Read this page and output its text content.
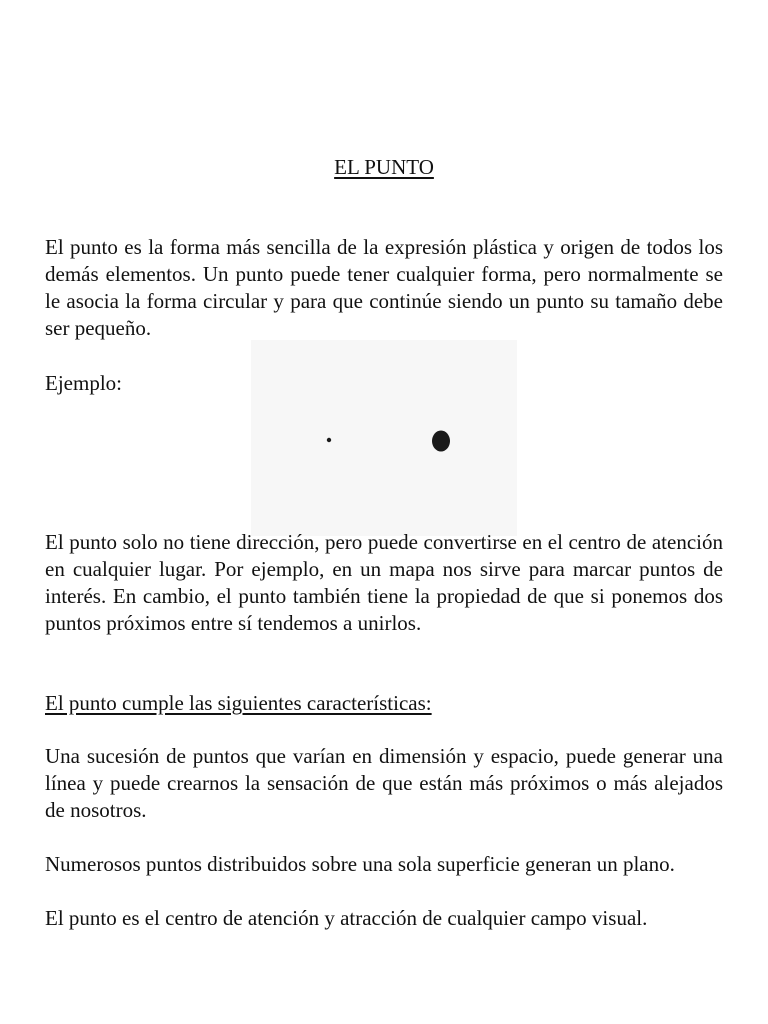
EL PUNTO

El punto es la forma más sencilla de la expresión plástica y origen de todos los demás elementos. Un punto puede tener cualquier forma, pero normalmente se le asocia la forma circular y para que continúe siendo un punto su tamaño debe ser pequeño.

Ejemplo:

El punto solo no tiene dirección, pero puede convertirse en el centro de atención en cualquier lugar. Por ejemplo, en un mapa nos sirve para marcar puntos de interés. En cambio, el punto también tiene la propiedad de que si ponemos dos puntos próximos entre sí tendemos a unirlos.

El punto cumple las siguientes características:

Una sucesión de puntos que varían en dimensión y espacio, puede generar una línea y puede crearnos la sensación de que están más próximos o más alejados de nosotros.

Numerosos puntos distribuidos sobre una sola superficie generan un plano.

El punto es el centro de atención y atracción de cualquier campo visual.
